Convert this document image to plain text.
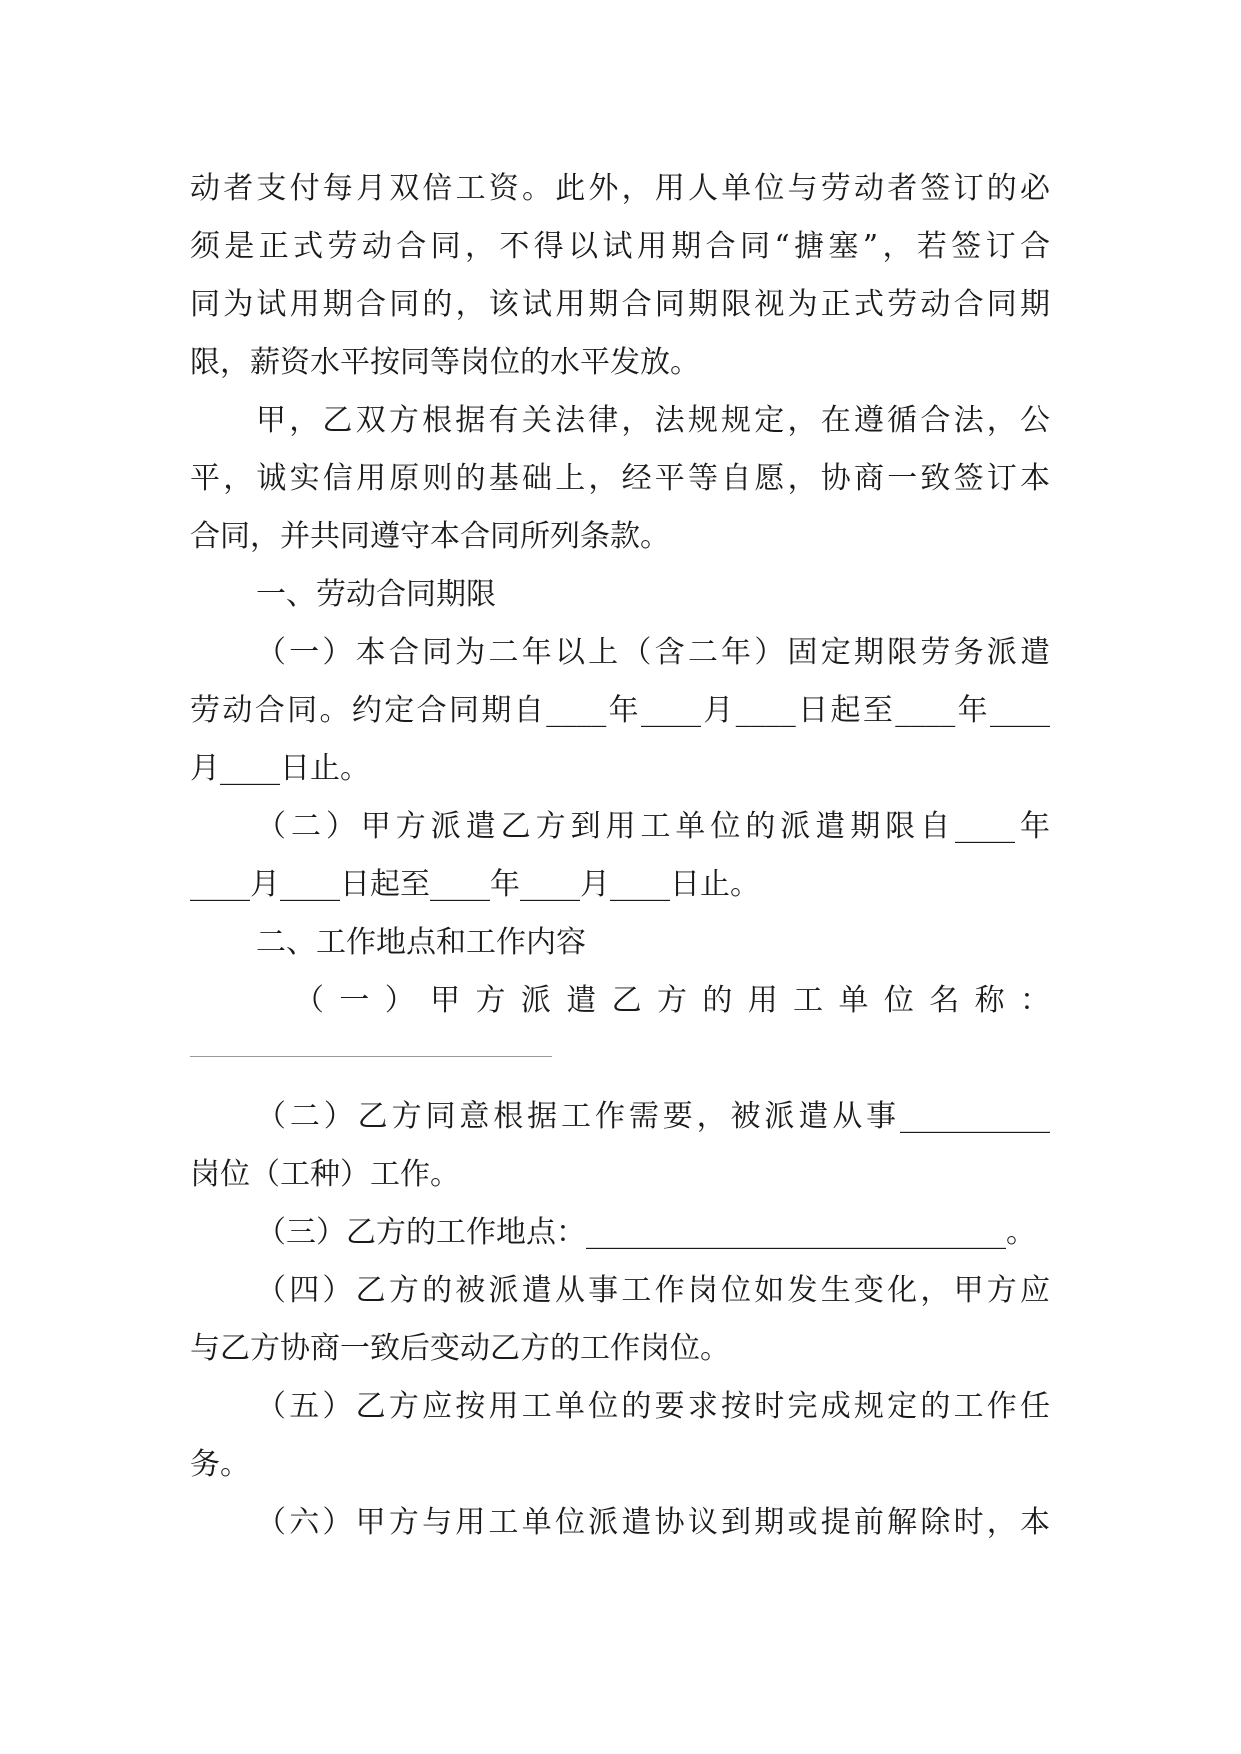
动者支付每月双倍工资。此外，用人单位与劳动者签订的必
须是正式劳动合同，不得以试用期合同“搪塞”，若签订合
同为试用期合同的，该试用期合同期限视为正式劳动合同期
限，薪资水平按同等岗位的水平发放。
甲，乙双方根据有关法律，法规规定，在遵循合法，公
平，诚实信用原则的基础上，经平等自愿，协商一致签订本
合同，并共同遵守本合同所列条款。
一、劳动合同期限
（一）本合同为二年以上（含二年）固定期限劳务派遣
劳动合同。约定合同期自____年____月____日起至____年____
月____日止。
（二）甲方派遣乙方到用工单位的派遣期限自____年
____月____日起至____年____月____日止。
二、工作地点和工作内容
（一）甲方派遣乙方的用工单位名称：
（二）乙方同意根据工作需要，被派遣从事__________
岗位（工种）工作。
（三）乙方的工作地点：____________________________。
（四）乙方的被派遣从事工作岗位如发生变化，甲方应
与乙方协商一致后变动乙方的工作岗位。
（五）乙方应按用工单位的要求按时完成规定的工作任
务。
（六）甲方与用工单位派遣协议到期或提前解除时，本
